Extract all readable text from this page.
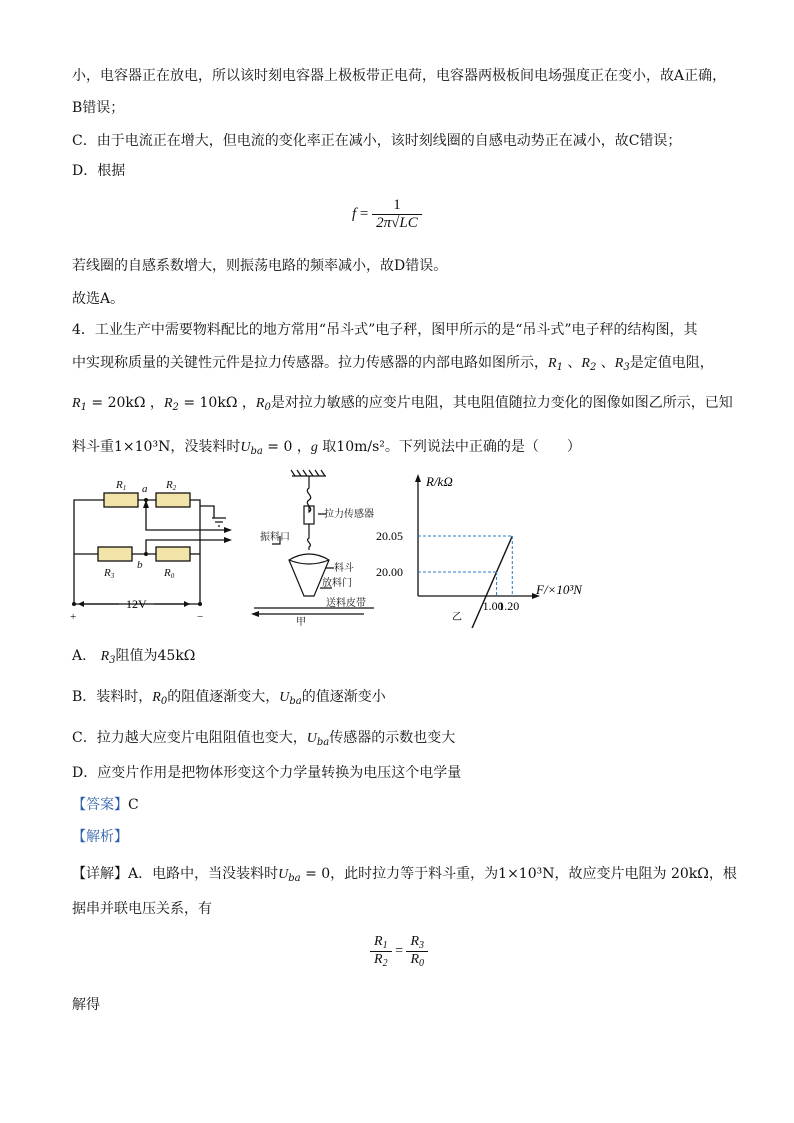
小，电容器正在放电，所以该时刻电容器上极板带正电荷，电容器两极板间电场强度正在变小，故A正确，
B错误；
C．由于电流正在增大，但电流的变化率正在减小，该时刻线圈的自感电动势正在减小，故C错误；
D．根据
$f = \frac{1}{2\pi√LC}$
若线圈的自感系数增大，则振荡电路的频率减小，故D错误。
故选A。
4．工业生产中需要物料配比的地方常用“吊斗式”电子秤，图甲所示的是“吊斗式”电子秤的结构图，其
中实现称质量的关键性元件是拉力传感器。拉力传感器的内部电路如图所示，$R_1$ 、$R_2$ 、$R_3$是定值电阻，
$R_1 = 20k\Omega$ ，$R_2 = 10k\Omega$ ，$R_0$是对拉力敏感的应变片电阻，其电阻值随拉力变化的图像如图乙所示，已知
料斗重1×10³N，没装料时$U_{ba} = 0$ ，g 取10m/s²。下列说法中正确的是（　　）
R1	R2
a
R3
b
R0
+	−
12V
拉力传感器
振料口
料斗
放料门
送料皮带
甲
1.00
20.00
1.20
20.05
R/kΩ
F/×10³N
乙
A.　$R_3$阻值为45kΩ
B．装料时，$R_0$的阻值逐渐变大，$U_{ba}$的值逐渐变小
C．拉力越大应变片电阻阻值也变大，$U_{ba}$传感器的示数也变大
D．应变片作用是把物体形变这个力学量转换为电压这个电学量
【答案】C
【解析】
【详解】A．电路中，当没装料时$U_{ba} = 0$，此时拉力等于料斗重，为1×10³N，故应变片电阻为 20kΩ，根
据串并联电压关系，有
$\frac{R_1}{R_2} = \frac{R_3}{R_0}$
解得
